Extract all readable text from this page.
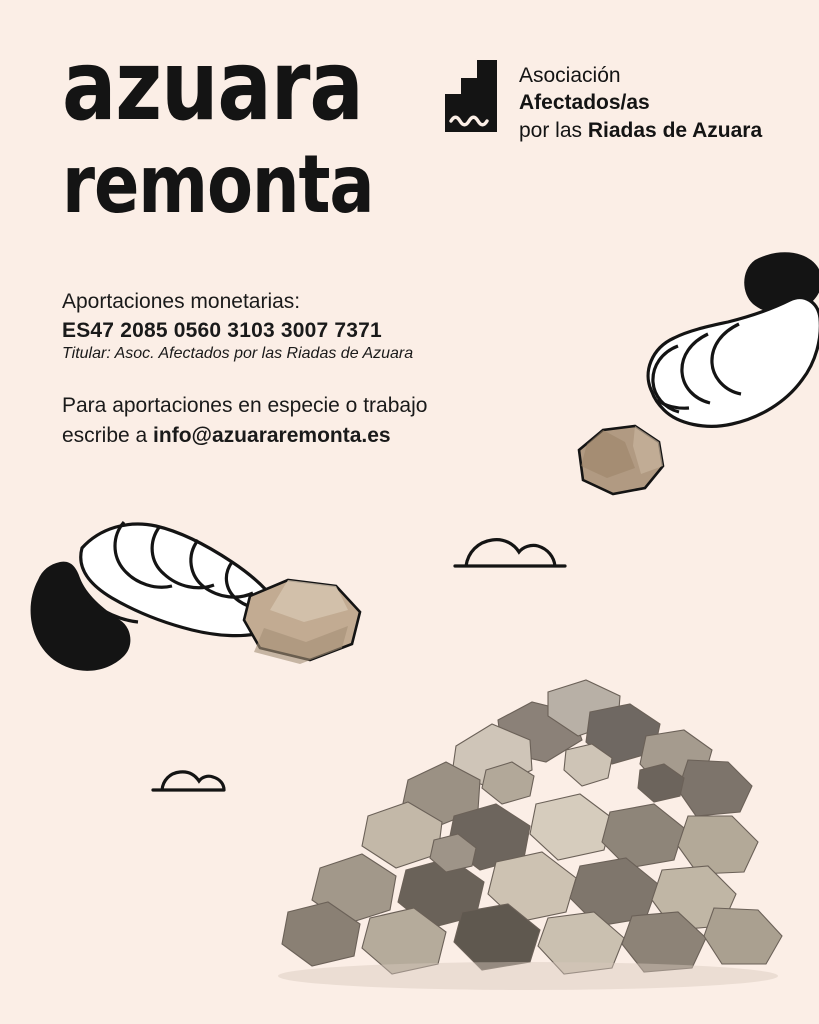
azuara
remonta
Asociación
Afectados/as
por las Riadas de Azuara

Aportaciones monetarias:

ES47 2085 0560 3103 3007 7371

Titular: Asoc. Afectados por las Riadas de Azuara

Para aportaciones en especie o trabajo
escribe a info@azuararemonta.es
